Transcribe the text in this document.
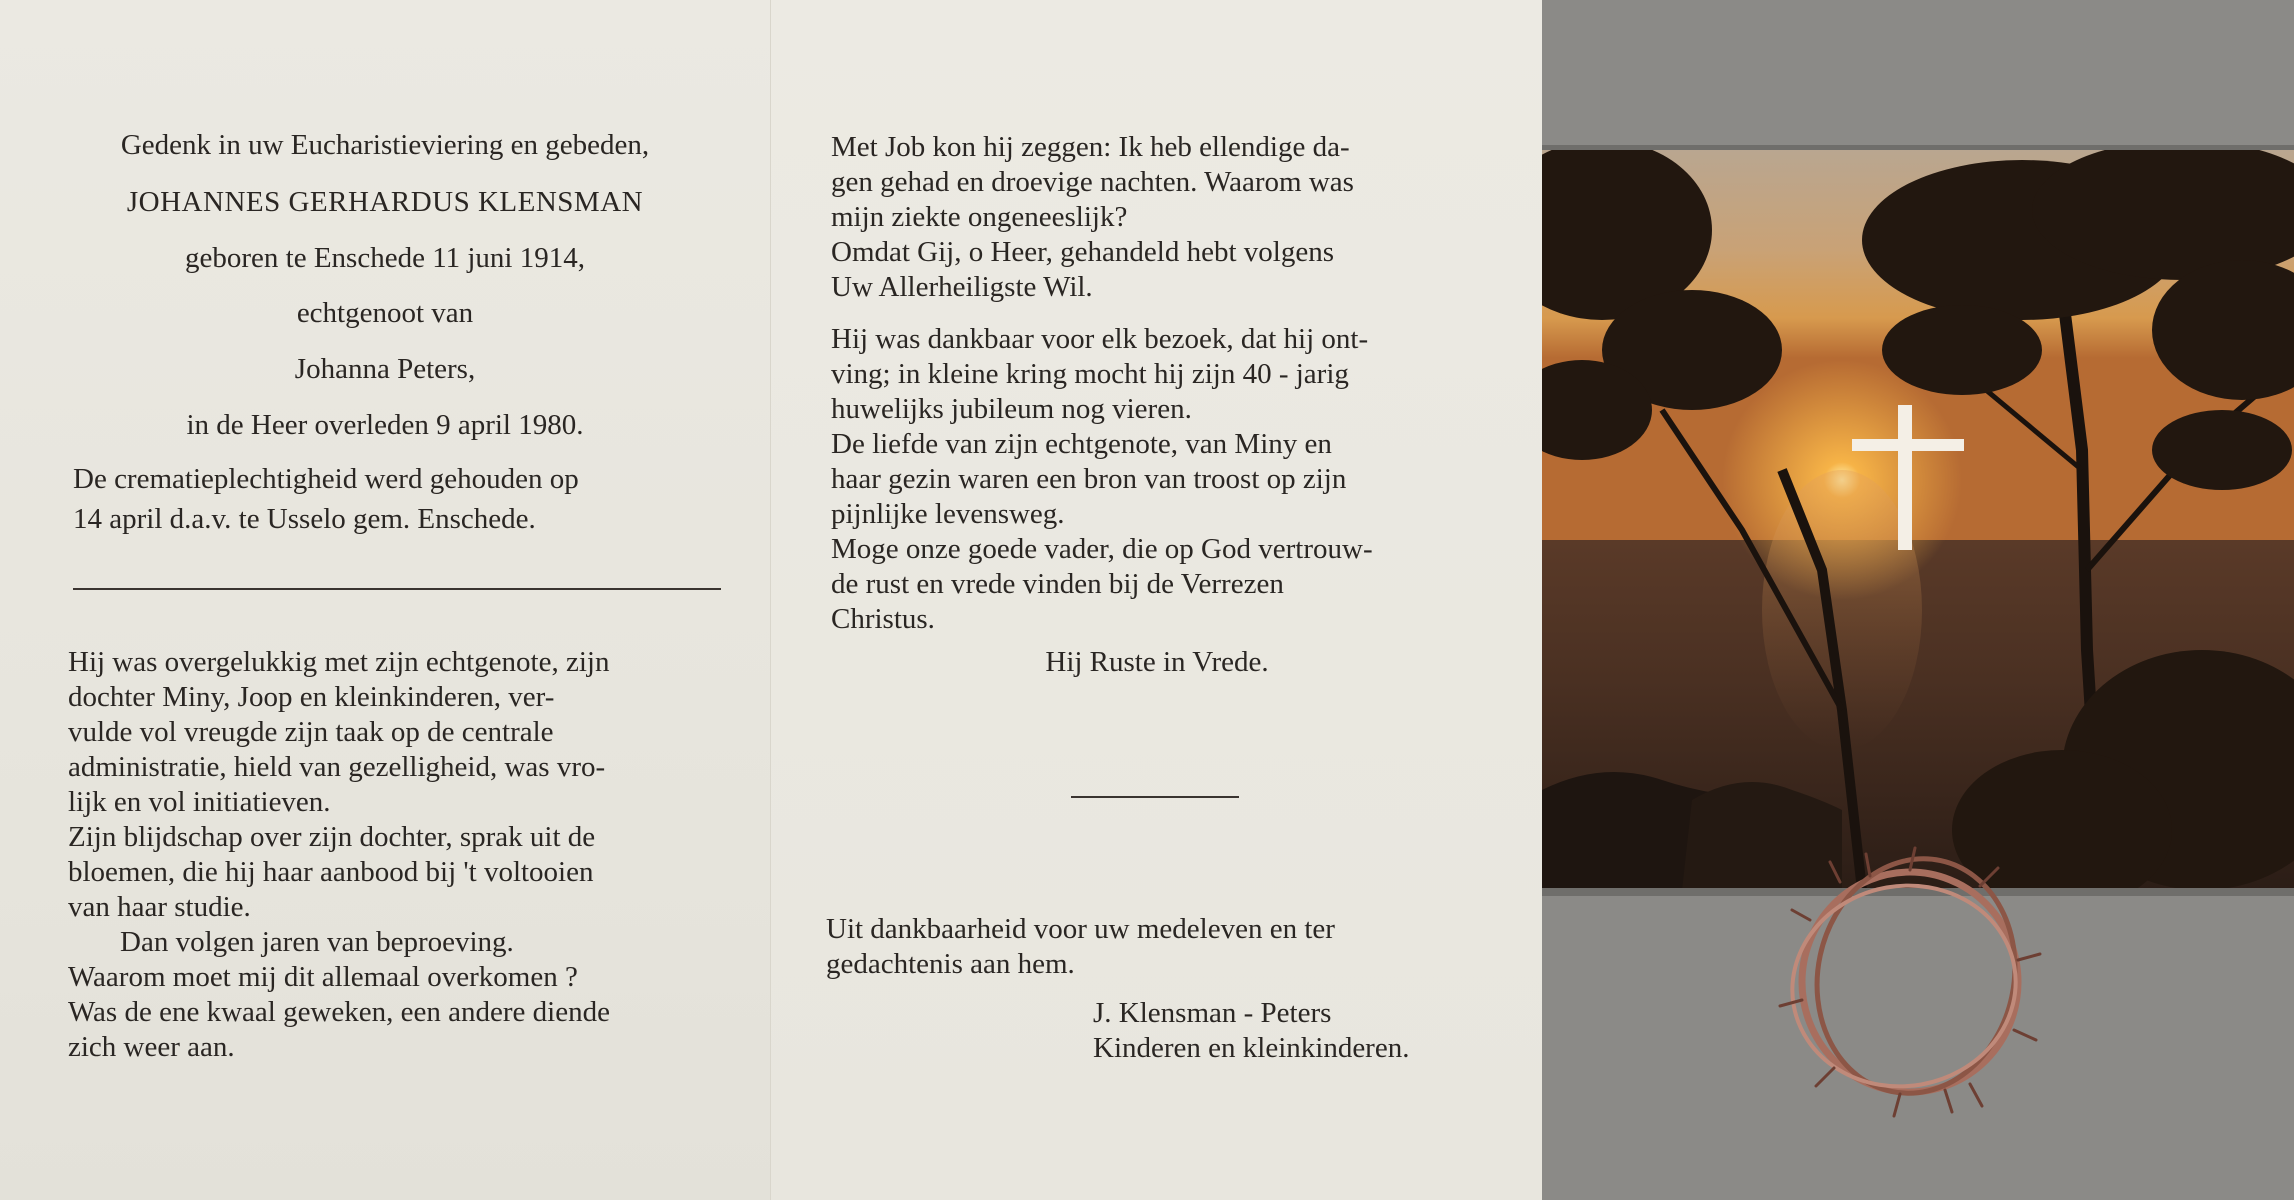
Gedenk in uw Eucharistieviering en gebeden,
JOHANNES GERHARDUS KLENSMAN
geboren te Enschede 11 juni 1914,
echtgenoot van
Johanna Peters,
in de Heer overleden 9 april 1980.
De crematieplechtigheid werd gehouden op
14 april d.a.v. te Usselo gem. Enschede.
Hij was overgelukkig met zijn echtgenote, zijn
dochter Miny, Joop en kleinkinderen, ver-
vulde vol vreugde zijn taak op de centrale
administratie, hield van gezelligheid, was vro-
lijk en vol initiatieven.
Zijn blijdschap over zijn dochter, sprak uit de
bloemen, die hij haar aanbood bij 't voltooien
van haar studie.
Dan volgen jaren van beproeving.
Waarom moet mij dit allemaal overkomen ?
Was de ene kwaal geweken, een andere diende
zich weer aan.
Met Job kon hij zeggen: Ik heb ellendige da-
gen gehad en droevige nachten. Waarom was
mijn ziekte ongeneeslijk?
Omdat Gij, o Heer, gehandeld hebt volgens
Uw Allerheiligste Wil.
Hij was dankbaar voor elk bezoek, dat hij ont-
ving; in kleine kring mocht hij zijn 40 - jarig
huwelijks jubileum nog vieren.
De liefde van zijn echtgenote, van Miny en
haar gezin waren een bron van troost op zijn
pijnlijke levensweg.
Moge onze goede vader, die op God vertrouw-
de rust en vrede vinden bij de Verrezen
Christus.
Hij Ruste in Vrede.
Uit dankbaarheid voor uw medeleven en ter
gedachtenis aan hem.
J. Klensman - Peters
Kinderen en kleinkinderen.
